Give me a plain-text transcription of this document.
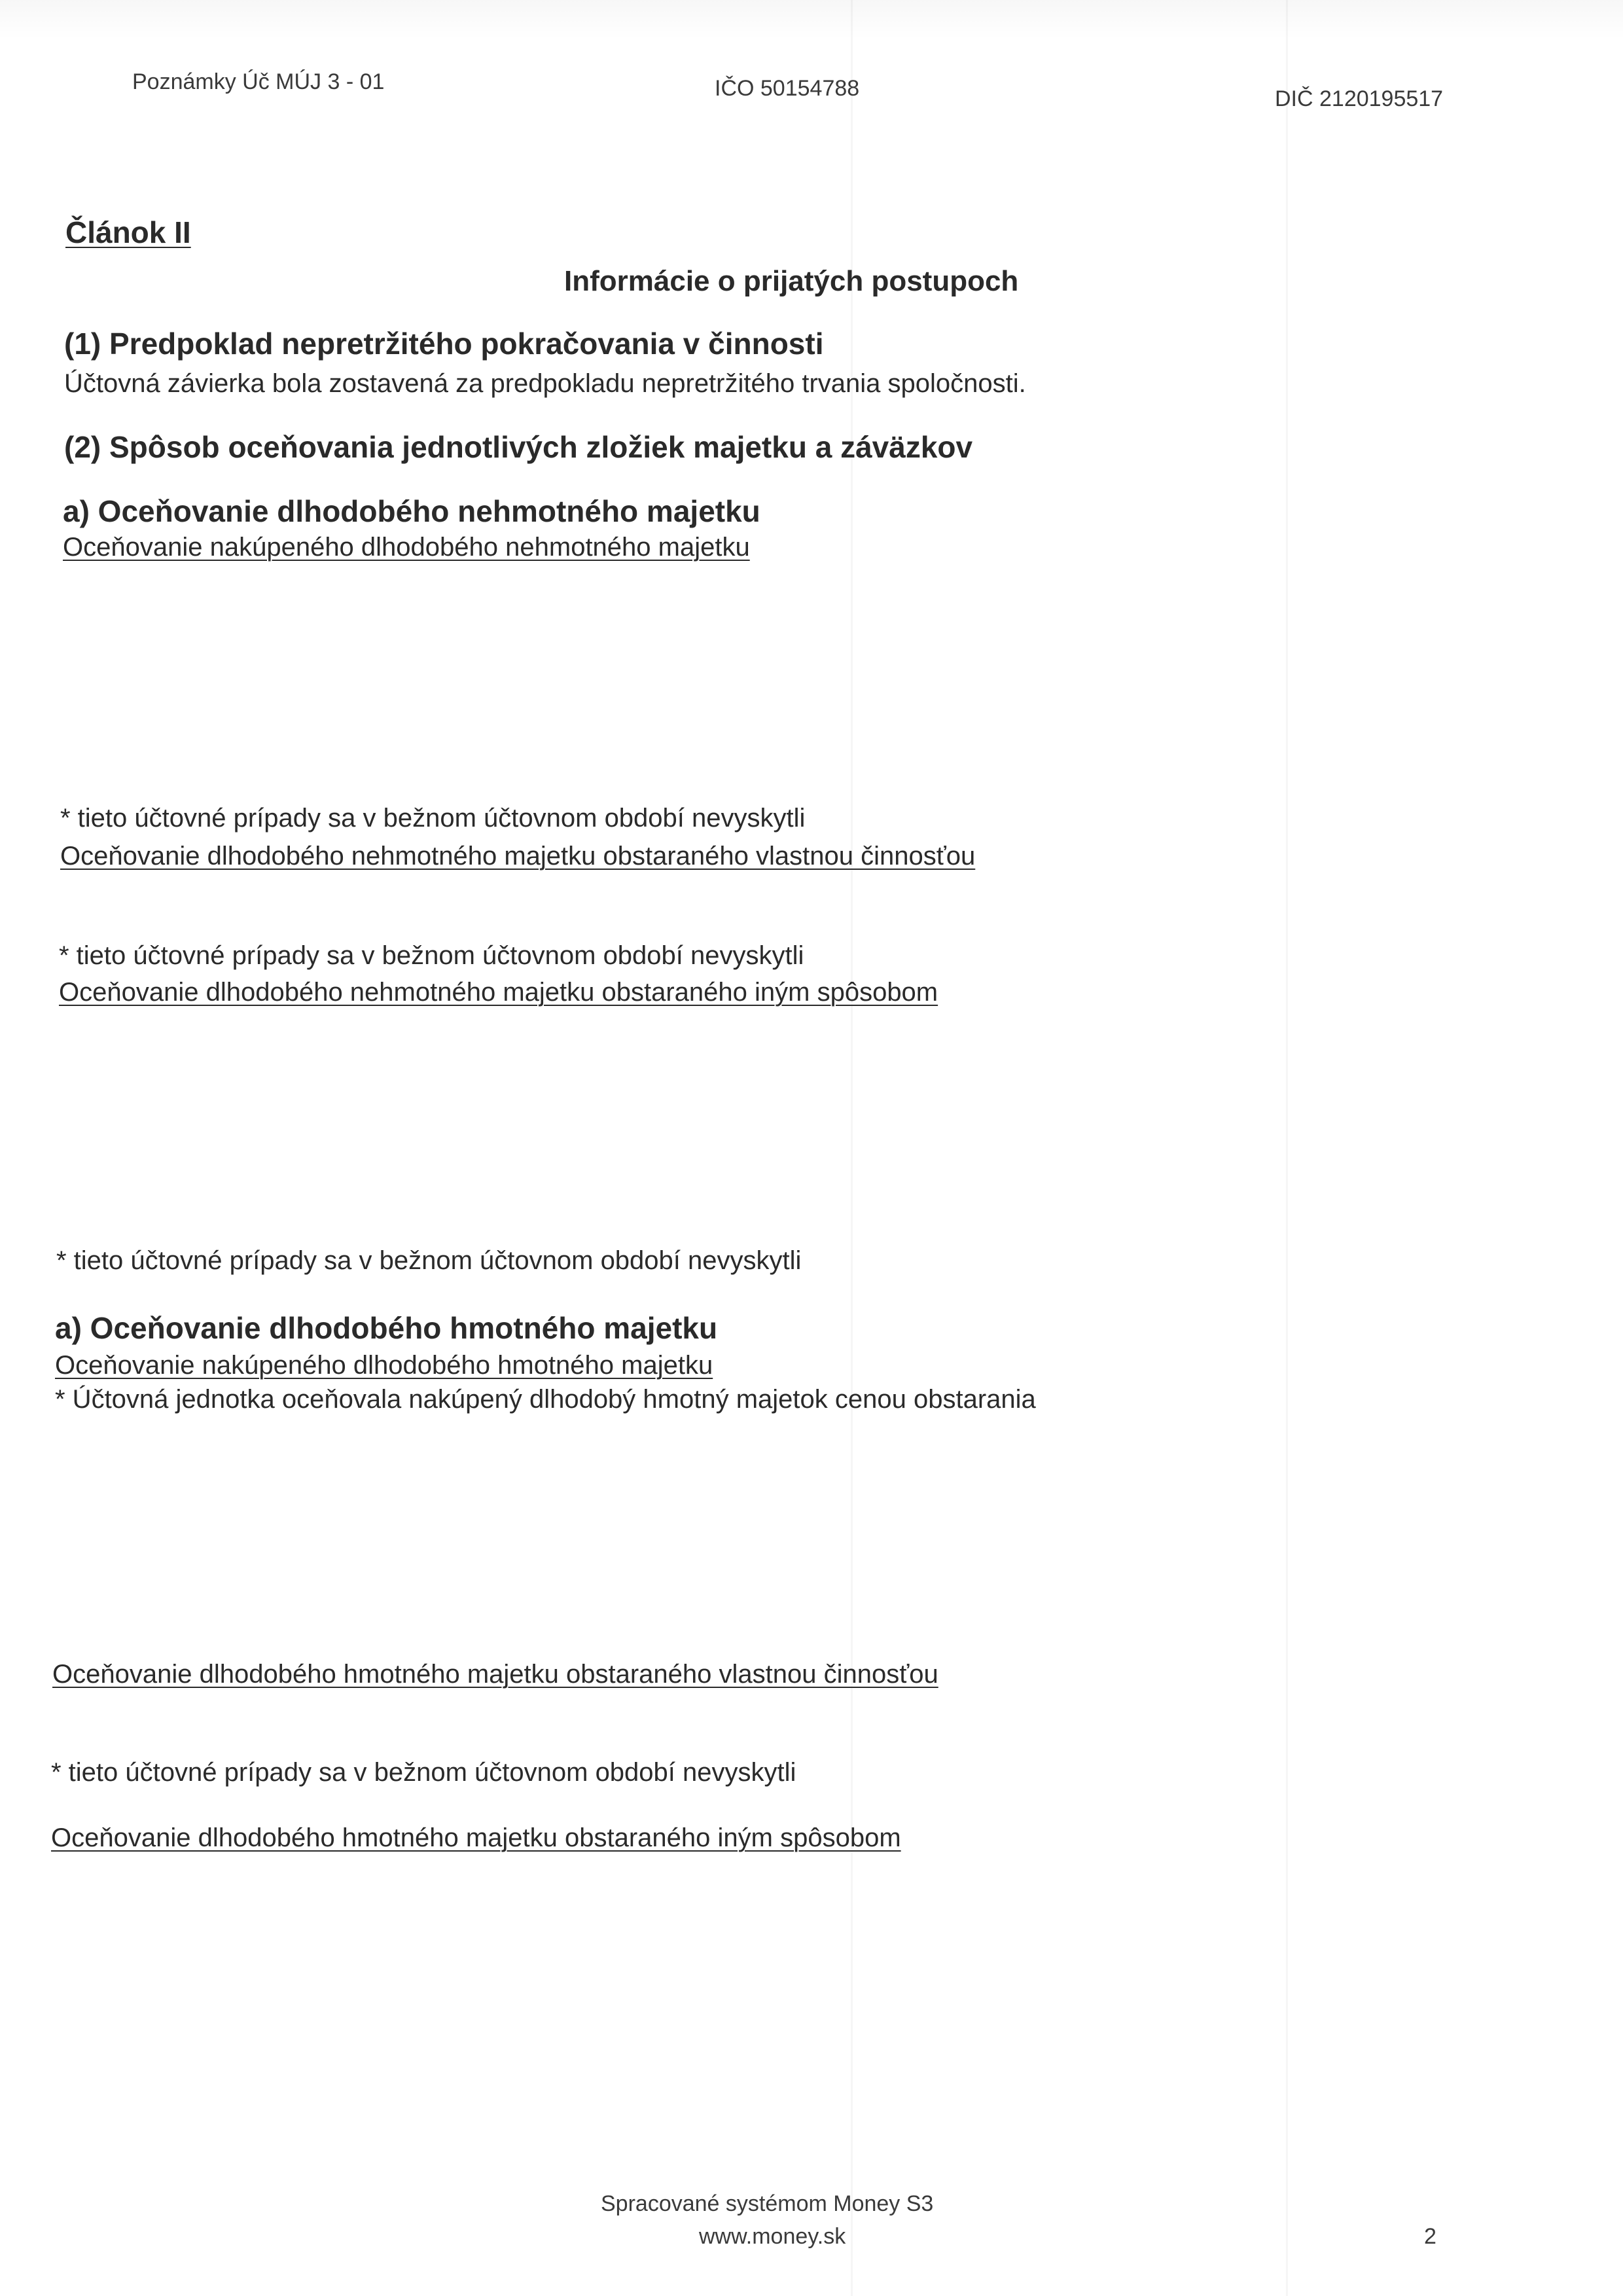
Poznámky Úč MÚJ 3 - 01	IČO 50154788	DIČ 2120195517
Článok II
Informácie o prijatých postupoch
(1) Predpoklad nepretržitého pokračovania v činnosti
Účtovná závierka bola zostavená za predpokladu nepretržitého trvania spoločnosti.
(2) Spôsob oceňovania jednotlivých zložiek majetku a záväzkov
a) Oceňovanie dlhodobého nehmotného majetku
Oceňovanie nakúpeného dlhodobého nehmotného majetku
* tieto účtovné prípady sa v bežnom účtovnom období nevyskytli
Oceňovanie dlhodobého nehmotného majetku obstaraného vlastnou činnosťou
* tieto účtovné prípady sa v bežnom účtovnom období nevyskytli
Oceňovanie dlhodobého nehmotného majetku obstaraného iným spôsobom
* tieto účtovné prípady sa v bežnom účtovnom období nevyskytli
a) Oceňovanie dlhodobého hmotného majetku
Oceňovanie nakúpeného dlhodobého hmotného majetku
* Účtovná jednotka oceňovala nakúpený dlhodobý hmotný majetok cenou obstarania
Oceňovanie dlhodobého hmotného majetku obstaraného vlastnou činnosťou
* tieto účtovné prípady sa v bežnom účtovnom období nevyskytli
Oceňovanie dlhodobého hmotného majetku obstaraného iným spôsobom
Spracované systémom Money S3
www.money.sk	2
